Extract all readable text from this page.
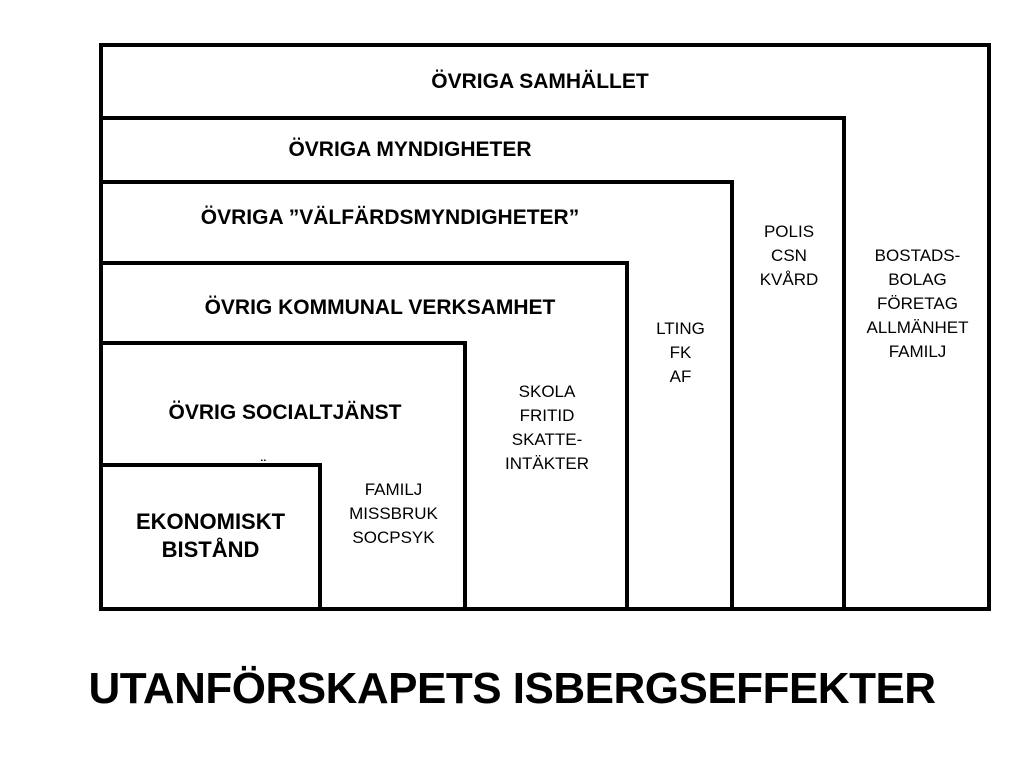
ÖVRIGA SAMHÄLLET
ÖVRIGA MYNDIGHETER
ÖVRIGA ”VÄLFÄRDSMYNDIGHETER”
ÖVRIG KOMMUNAL VERKSAMHET
ÖVRIG SOCIALTJÄNST
BOSTADS-
BOLAG
FÖRETAG
ALLMÄNHET
FAMILJ
POLIS
CSN
KVÅRD
LTING
FK
AF
SKOLA
FRITID
SKATTE-
INTÄKTER
FAMILJ
MISSBRUK
SOCPSYK
EKONOMISKT
BISTÅND
¨
UTANFÖRSKAPETS ISBERGSEFFEKTER
